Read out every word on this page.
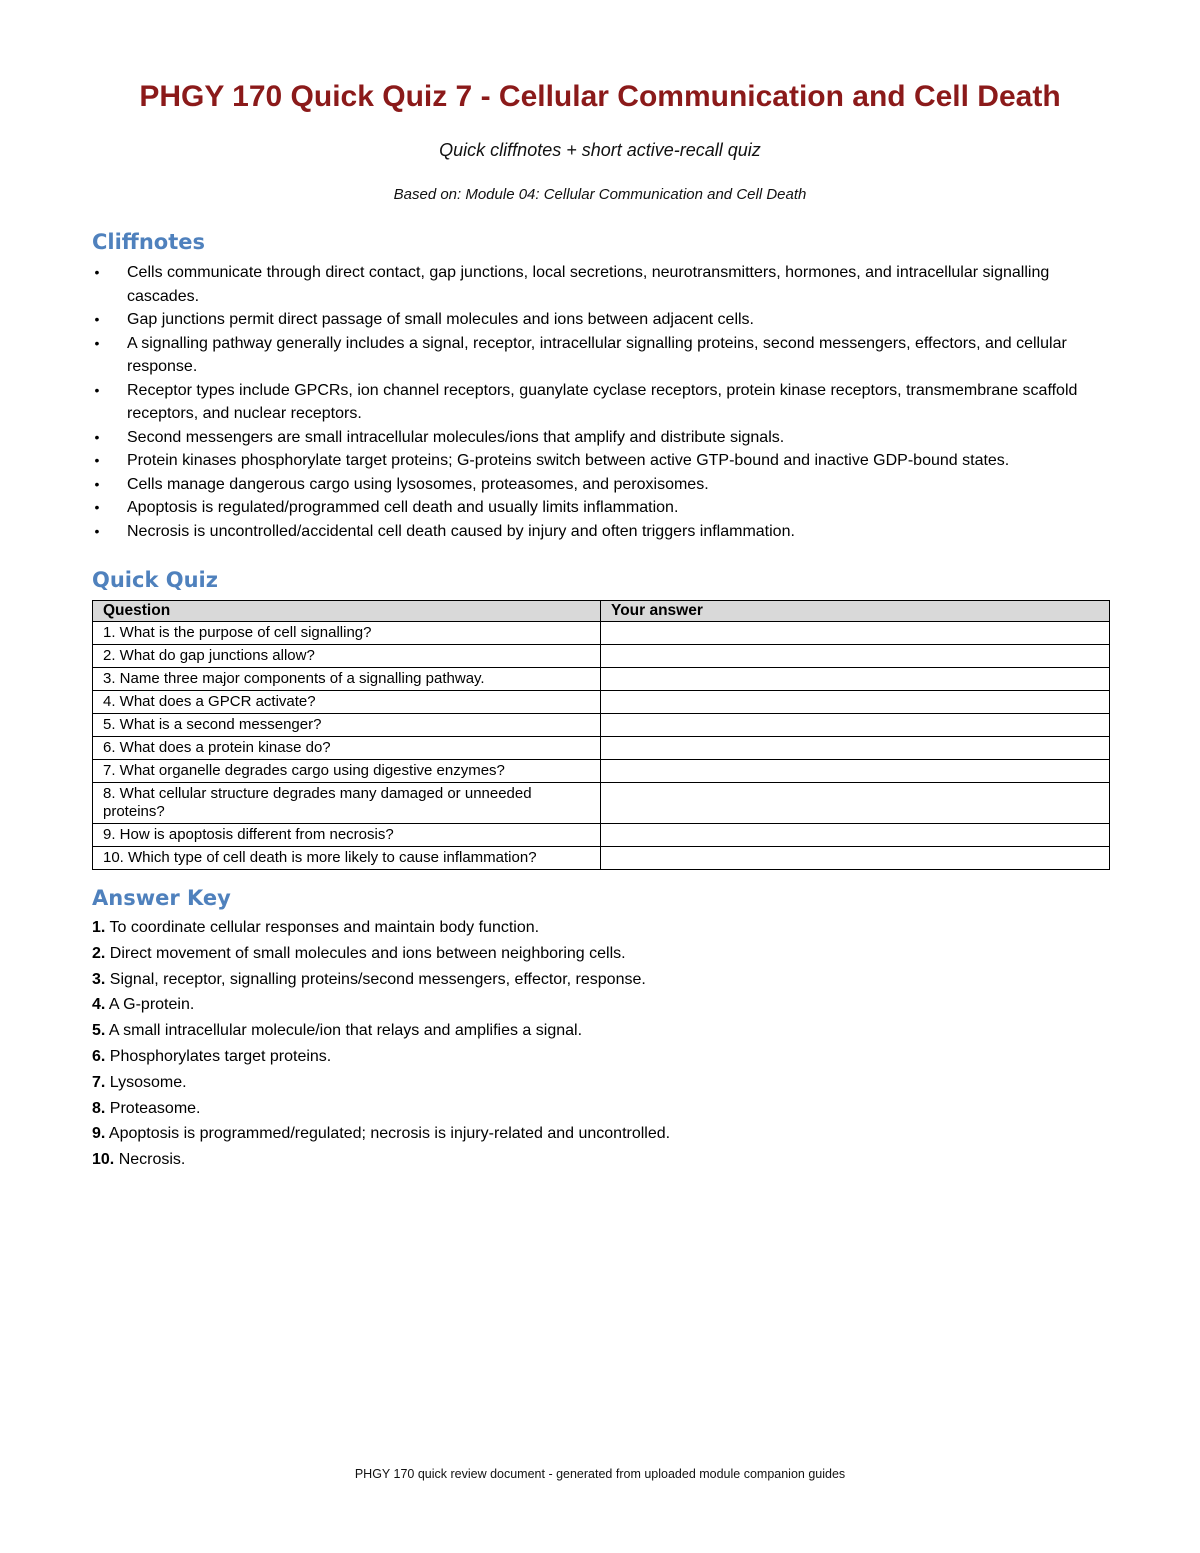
PHGY 170 Quick Quiz 7 - Cellular Communication and Cell Death
Quick cliffnotes + short active-recall quiz
Based on: Module 04: Cellular Communication and Cell Death
Cliffnotes
• Cells communicate through direct contact, gap junctions, local secretions, neurotransmitters, hormones, and intracellular signalling cascades.
• Gap junctions permit direct passage of small molecules and ions between adjacent cells.
• A signalling pathway generally includes a signal, receptor, intracellular signalling proteins, second messengers, effectors, and cellular response.
• Receptor types include GPCRs, ion channel receptors, guanylate cyclase receptors, protein kinase receptors, transmembrane scaffold receptors, and nuclear receptors.
• Second messengers are small intracellular molecules/ions that amplify and distribute signals.
• Protein kinases phosphorylate target proteins; G-proteins switch between active GTP-bound and inactive GDP-bound states.
• Cells manage dangerous cargo using lysosomes, proteasomes, and peroxisomes.
• Apoptosis is regulated/programmed cell death and usually limits inflammation.
• Necrosis is uncontrolled/accidental cell death caused by injury and often triggers inflammation.
Quick Quiz
Question	Your answer
1. What is the purpose of cell signalling?	
2. What do gap junctions allow?	
3. Name three major components of a signalling pathway.	
4. What does a GPCR activate?	
5. What is a second messenger?	
6. What does a protein kinase do?	
7. What organelle degrades cargo using digestive enzymes?	
8. What cellular structure degrades many damaged or unneeded proteins?	
9. How is apoptosis different from necrosis?	
10. Which type of cell death is more likely to cause inflammation?	
Answer Key
1. To coordinate cellular responses and maintain body function.
2. Direct movement of small molecules and ions between neighboring cells.
3. Signal, receptor, signalling proteins/second messengers, effector, response.
4. A G-protein.
5. A small intracellular molecule/ion that relays and amplifies a signal.
6. Phosphorylates target proteins.
7. Lysosome.
8. Proteasome.
9. Apoptosis is programmed/regulated; necrosis is injury-related and uncontrolled.
10. Necrosis.
PHGY 170 quick review document - generated from uploaded module companion guides
